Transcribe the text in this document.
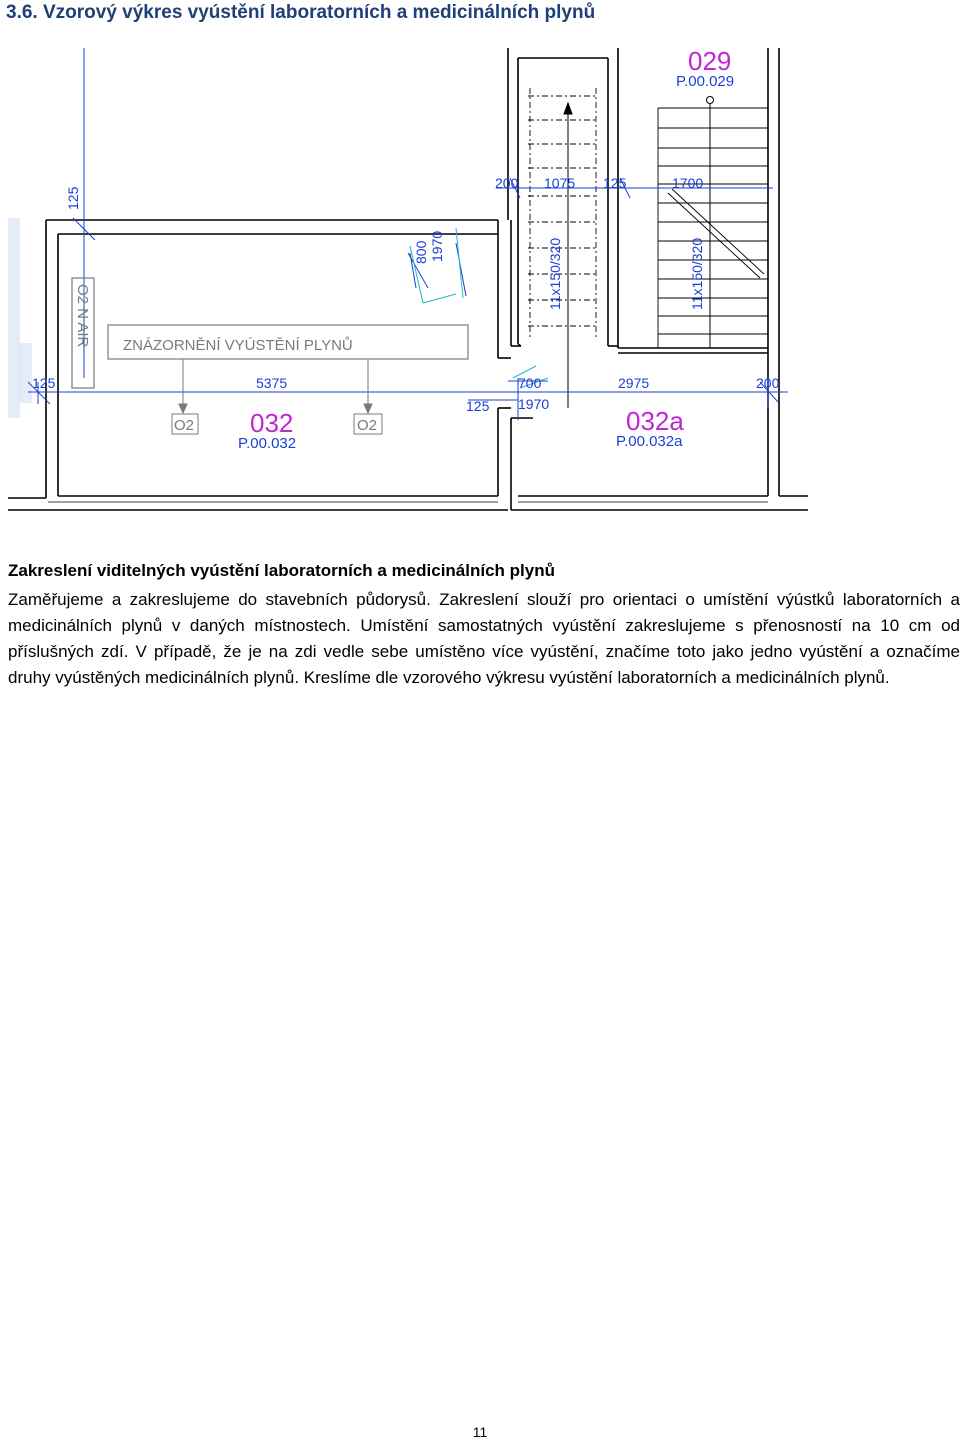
3.6. Vzorový výkres vyústění laboratorních a medicinálních plynů
ZNÁZORNĚNÍ VYÚSTĚNÍ PLYNŮ
O2 N AIR
O2	O2
032
P.00.032
032a
P.00.032a
029
P.00.029
125	5375	700
125 1970
2975	200
200 1075 125	1700
125
800 1970	11x150/320	11x150/320
Zakreslení viditelných vyústění laboratorních a medicinálních plynů
Zaměřujeme a zakreslujeme do stavebních půdorysů. Zakreslení slouží pro orientaci o umístění výústků laboratorních a medicinálních plynů v daných místnostech. Umístění samostatných vyústění zakreslujeme s přenosností na 10 cm od příslušných zdí. V případě, že je na zdi vedle sebe umístěno více vyústění, značíme toto jako jedno vyústění a označíme druhy vyústěných medicinálních plynů. Kreslíme dle vzorového výkresu vyústění laboratorních a medicinálních plynů.
11
